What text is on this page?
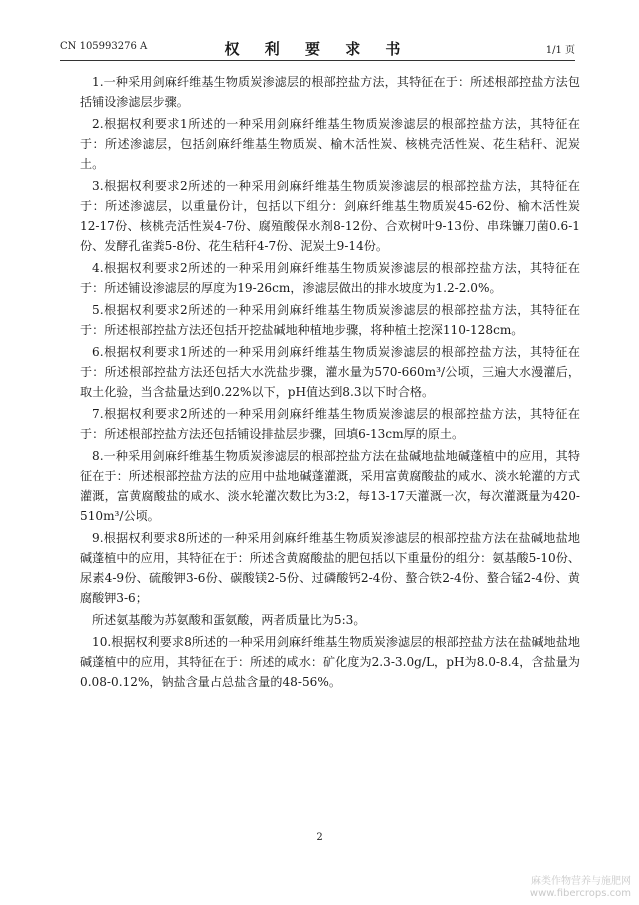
CN 105993276 A	权 利 要 求 书	1/1 页

1.一种采用剑麻纤维基生物质炭渗滤层的根部控盐方法，其特征在于：所述根部控盐方法包括铺设渗滤层步骤。

2.根据权利要求1所述的一种采用剑麻纤维基生物质炭渗滤层的根部控盐方法，其特征在于：所述渗滤层，包括剑麻纤维基生物质炭、榆木活性炭、核桃壳活性炭、花生秸秆、泥炭土。

3.根据权利要求2所述的一种采用剑麻纤维基生物质炭渗滤层的根部控盐方法，其特征在于：所述渗滤层，以重量份计，包括以下组分：剑麻纤维基生物质炭45-62份、榆木活性炭12-17份、核桃壳活性炭4-7份、腐殖酸保水剂8-12份、合欢树叶9-13份、串珠镰刀菌0.6-1份、发酵孔雀粪5-8份、花生秸秆4-7份、泥炭土9-14份。

4.根据权利要求2所述的一种采用剑麻纤维基生物质炭渗滤层的根部控盐方法，其特征在于：所述铺设渗滤层的厚度为19-26cm，渗滤层做出的排水坡度为1.2-2.0%。

5.根据权利要求2所述的一种采用剑麻纤维基生物质炭渗滤层的根部控盐方法，其特征在于：所述根部控盐方法还包括开挖盐碱地种植地步骤，将种植土挖深110-128cm。

6.根据权利要求1所述的一种采用剑麻纤维基生物质炭渗滤层的根部控盐方法，其特征在于：所述根部控盐方法还包括大水洗盐步骤，灌水量为570-660m³/公顷，三遍大水漫灌后，取土化验，当含盐量达到0.22%以下，pH值达到8.3以下时合格。

7.根据权利要求2所述的一种采用剑麻纤维基生物质炭渗滤层的根部控盐方法，其特征在于：所述根部控盐方法还包括铺设排盐层步骤，回填6-13cm厚的原土。

8.一种采用剑麻纤维基生物质炭渗滤层的根部控盐方法在盐碱地盐地碱蓬植中的应用，其特征在于：所述根部控盐方法的应用中盐地碱蓬灌溉，采用富黄腐酸盐的咸水、淡水轮灌的方式灌溉，富黄腐酸盐的咸水、淡水轮灌次数比为3:2，每13-17天灌溉一次，每次灌溉量为420-510m³/公顷。

9.根据权利要求8所述的一种采用剑麻纤维基生物质炭渗滤层的根部控盐方法在盐碱地盐地碱蓬植中的应用，其特征在于：所述含黄腐酸盐的肥包括以下重量份的组分：氨基酸5-10份、尿素4-9份、硫酸钾3-6份、碳酸镁2-5份、过磷酸钙2-4份、螯合铁2-4份、螯合锰2-4份、黄腐酸钾3-6；

所述氨基酸为苏氨酸和蛋氨酸，两者质量比为5:3。

10.根据权利要求8所述的一种采用剑麻纤维基生物质炭渗滤层的根部控盐方法在盐碱地盐地碱蓬植中的应用，其特征在于：所述的咸水：矿化度为2.3-3.0g/L，pH为8.0-8.4，含盐量为0.08-0.12%，钠盐含量占总盐含量的48-56%。

2
麻类作物营养与施肥网
www.fibercrops.com
